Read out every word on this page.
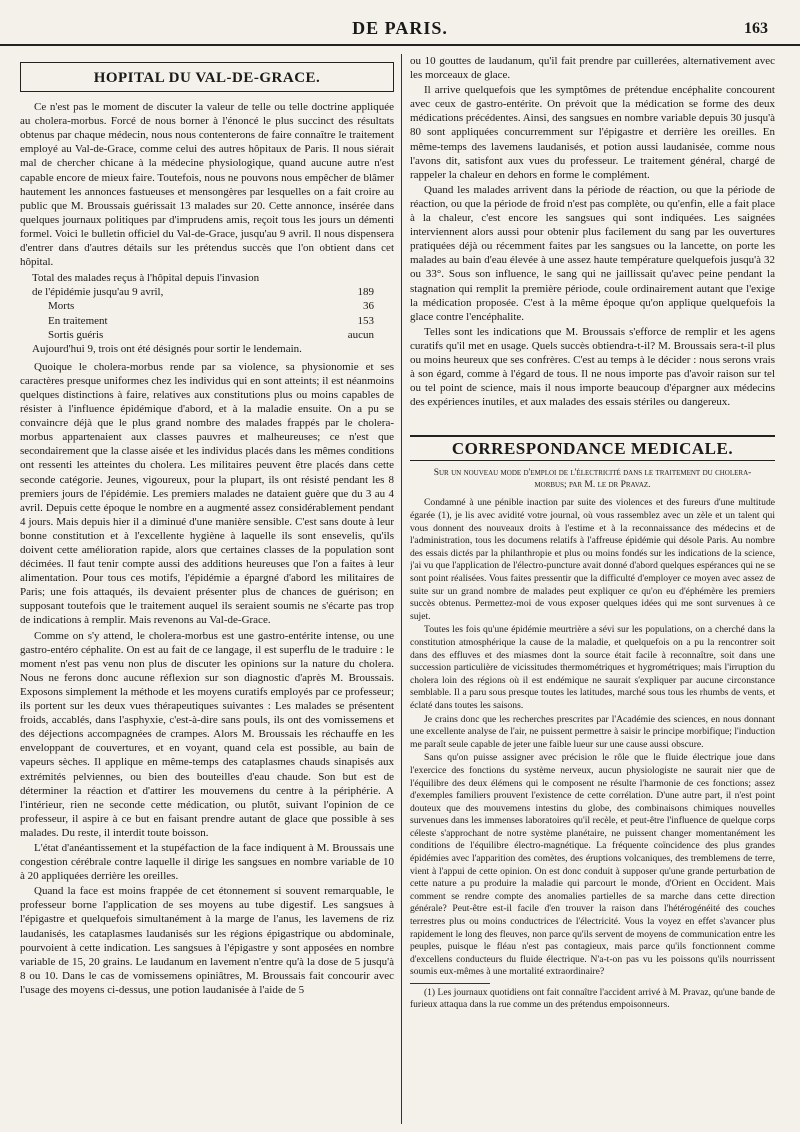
DE PARIS.	163
HOPITAL DU VAL-DE-GRACE.

Ce n'est pas le moment de discuter la valeur de telle ou telle doctrine appliquée au cholera-morbus. Forcé de nous borner à l'énoncé le plus succinct des résultats obtenus par chaque médecin, nous nous contenterons de faire connaître le traitement employé au Val-de-Grace, comme celui des autres hôpitaux de Paris. Il nous siérait mal de chercher chicane à la médecine physiologique, quand aucune autre n'est capable encore de mieux faire. Toutefois, nous ne pouvons nous empêcher de blâmer hautement les annonces fastueuses et mensongères par lesquelles on a fait croire au public que M. Broussais guérissait 13 malades sur 20. Cette annonce, insérée dans quelques journaux politiques par d'imprudens amis, reçoit tous les jours un démenti formel. Voici le bulletin officiel du Val-de-Grace, jusqu'au 9 avril. Il nous dispensera d'entrer dans d'autres détails sur les prétendus succès que l'on obtient dans cet hôpital.

Total des malades reçus à l'hôpital depuis l'invasion
de l'épidémie jusqu'au 9 avril,	189
Morts	36
En traitement	153
Sortis guéris	aucun
Aujourd'hui 9, trois ont été désignés pour sortir le lendemain.

Quoique le cholera-morbus rende par sa violence, sa physionomie et ses caractères presque uniformes chez les individus qui en sont atteints; il est néanmoins quelques distinctions à faire, relatives aux constitutions plus ou moins capables de résister à l'influence épidémique d'abord, et à la maladie ensuite. On a pu se convaincre déjà que le plus grand nombre des malades frappés par le cholera-morbus appartenaient aux classes pauvres et malheureuses; ce n'est que secondairement que la classe aisée et les individus placés dans les mêmes conditions ont ressenti les atteintes du cholera. Les militaires peuvent être placés dans cette seconde catégorie. Jeunes, vigoureux, pour la plupart, ils ont résisté pendant les 8 premiers jours de l'épidémie. Les premiers malades ne dataient guère que du 3 au 4 avril. Depuis cette époque le nombre en a augmenté assez considérablement pendant 4 jours. Mais depuis hier il a diminué d'une manière sensible. C'est sans doute à leur bonne constitution et à l'excellente hygiène à laquelle ils sont ensevelis, qu'ils doivent cette amélioration rapide, alors que certaines classes de la population sont décimées. Il faut tenir compte aussi des additions heureuses que l'on a faites à leur alimentation. Pour tous ces motifs, l'épidémie a épargné d'abord les militaires de Paris; une fois attaqués, ils devaient présenter plus de chances de guérison; en supposant toutefois que le traitement auquel ils seraient soumis ne s'écarte pas trop de indications à remplir. Mais revenons au Val-de-Grace.

Comme on s'y attend, le cholera-morbus est une gastro-entérite intense, ou une gastro-entéro céphalite. On est au fait de ce langage, il est superflu de le traduire : le moment n'est pas venu non plus de discuter les opinions sur la nature du cholera. Nous ne ferons donc aucune réflexion sur son diagnostic d'après M. Broussais. Exposons simplement la méthode et les moyens curatifs employés par ce professeur; ils portent sur les deux vues thérapeutiques suivantes : Les malades se présentent froids, accablés, dans l'asphyxie, c'est-à-dire sans pouls, ils ont des vomissemens et des déjections accompagnées de crampes. Alors M. Broussais les réchauffe en les enveloppant de couvertures, et en voyant, quand cela est possible, au bain de vapeurs sèches. Il applique en même-temps des cataplasmes chauds sinapisés aux extrémités pelviennes, ou bien des bouteilles d'eau chaude. Son but est de déterminer la réaction et d'attirer les mouvemens du centre à la périphérie. A l'intérieur, rien ne seconde cette médication, ou plutôt, suivant l'opinion de ce professeur, il aspire à ce but en faisant prendre autant de glace que possible à ses malades. Du reste, il interdit toute boisson.

L'état d'anéantissement et la stupéfaction de la face indiquent à M. Broussais une congestion cérébrale contre laquelle il dirige les sangsues en nombre variable de 10 à 20 appliquées derrière les oreilles.

Quand la face est moins frappée de cet étonnement si souvent remarquable, le professeur borne l'application de ses moyens au tube digestif. Les sangsues à l'épigastre et quelquefois simultanément à la marge de l'anus, les lavemens de riz laudanisés, les cataplasmes laudanisés sur les régions épigastrique ou abdominale, pourvoient à cette indication. Les sangsues à l'épigastre y sont apposées en nombre variable de 15, 20 grains. Le laudanum en lavement n'entre qu'à la dose de 5 jusqu'à 8 ou 10. Dans le cas de vomissemens opiniâtres, M. Broussais fait concourir avec l'usage des moyens ci-dessus, une potion laudanisée à l'aide de 5

ou 10 gouttes de laudanum, qu'il fait prendre par cuillerées, alternativement avec les morceaux de glace.

Il arrive quelquefois que les symptômes de prétendue encéphalite concourent avec ceux de gastro-entérite. On prévoit que la médication se forme des deux médications précédentes. Ainsi, des sangsues en nombre variable depuis 30 jusqu'à 80 sont appliquées concurremment sur l'épigastre et derrière les oreilles. En même-temps des lavemens laudanisés, et potion aussi laudanisée, comme nous l'avons dit, satisfont aux vues du professeur. Le traitement général, chargé de rappeler la chaleur en dehors en forme le complément.

Quand les malades arrivent dans la période de réaction, ou que la période de réaction, ou que la période de froid n'est pas complète, ou qu'enfin, elle a fait place à la chaleur, c'est encore les sangsues qui sont indiquées. Les saignées interviennent alors aussi pour obtenir plus facilement du sang par les ouvertures pratiquées déjà ou récemment faites par les sangsues ou la lancette, on porte les malades au bain d'eau élevée à une assez haute température quelquefois jusqu'à 32 ou 33°. Sous son influence, le sang qui ne jaillissait qu'avec peine pendant la stagnation qui remplit la première période, coule ordinairement autant que l'exige la médication proposée. C'est à la même époque qu'on applique quelquefois la glace contre l'encéphalite.

Telles sont les indications que M. Broussais s'efforce de remplir et les agens curatifs qu'il met en usage. Quels succès obtiendra-t-il? M. Broussais sera-t-il plus ou moins heureux que ses confrères. C'est au temps à le décider : nous serons vrais à son égard, comme à l'égard de tous. Il ne nous importe pas d'avoir raison sur tel ou tel point de science, mais il nous importe beaucoup d'épargner aux médecins des expériences inutiles, et aux malades des essais stériles ou dangereux.

CORRESPONDANCE MEDICALE.
Sur un nouveau mode d'emploi de l'électricité dans le traitement du cholera-morbus; par M. le dr Pravaz.

Condamné à une pénible inaction par suite des violences et des fureurs d'une multitude égarée (1), je lis avec avidité votre journal, où vous rassemblez avec un zèle et un talent qui vous donnent des nouveaux droits à l'estime et à la reconnaissance des médecins et de l'administration, tous les documens relatifs à l'affreuse épidémie qui désole Paris. Au nombre des essais dictés par la philanthropie et plus ou moins fondés sur les indications de la science, j'ai vu que l'application de l'électro-puncture avait donné d'abord quelques espérances qui ne se sont point réalisées. Vous faites pressentir que la difficulté d'employer ce moyen avec assez de suite sur un grand nombre de malades peut expliquer ce qu'on eu d'éphémère les premiers succès obtenus. Permettez-moi de vous exposer quelques idées qui me sont survenues à ce sujet.

Toutes les fois qu'une épidémie meurtrière a sévi sur les populations, on a cherché dans la constitution atmosphérique la cause de la maladie, et quelquefois on a pu la rencontrer soit dans des effluves et des miasmes dont la source était facile à reconnaître, soit dans une succession particulière de vicissitudes thermométriques et hygrométriques; mais l'irruption du cholera loin des régions où il est endémique ne saurait s'expliquer par aucune circonstance semblable. Il a paru sous presque toutes les latitudes, marché sous tous les rhumbs de vents, et éclaté dans toutes les saisons.

Je crains donc que les recherches prescrites par l'Académie des sciences, en nous donnant une excellente analyse de l'air, ne puissent permettre à saisir le principe morbifique; l'induction me paraît seule capable de jeter une faible lueur sur une cause aussi obscure.

Sans qu'on puisse assigner avec précision le rôle que le fluide électrique joue dans l'exercice des fonctions du système nerveux, aucun physiologiste ne saurait nier que de l'équilibre des deux élémens qui le composent ne résulte l'harmonie de ces fonctions; assez d'exemples familiers prouvent l'existence de cette corrélation. D'une autre part, il n'est point douteux que des mouvemens intestins du globe, des combinaisons chimiques nouvelles survenues dans les immenses laboratoires qu'il recèle, et peut-être l'influence de quelque corps céleste s'approchant de notre système planétaire, ne puissent changer momentanément les conditions de l'équilibre électro-magnétique. La fréquente coïncidence des plus grandes épidémies avec l'apparition des comètes, des éruptions volcaniques, des tremblemens de terre, vient à l'appui de cette opinion. On est donc conduit à supposer qu'une grande perturbation de cette nature a pu produire la maladie qui parcourt le monde, d'Orient en Occident. Mais comment se rendre compte des anomalies partielles de sa marche dans cette direction générale? Peut-être est-il facile d'en trouver la raison dans l'hétérogénéité des couches terrestres plus ou moins conductrices de l'électricité. Vous la voyez en effet s'avancer plus rapidement le long des fleuves, non parce qu'ils servent de moyens de communication entre les peuples, puisque le fléau n'est pas contagieux, mais parce qu'ils fonctionnent comme d'excellens conducteurs du fluide électrique. N'a-t-on pas vu les poissons qu'ils nourrissent soumis eux-mêmes à une mortalité extraordinaire?

(1) Les journaux quotidiens ont fait connaître l'accident arrivé à M. Pravaz, qu'une bande de furieux attaqua dans la rue comme un des prétendus empoisonneurs.
